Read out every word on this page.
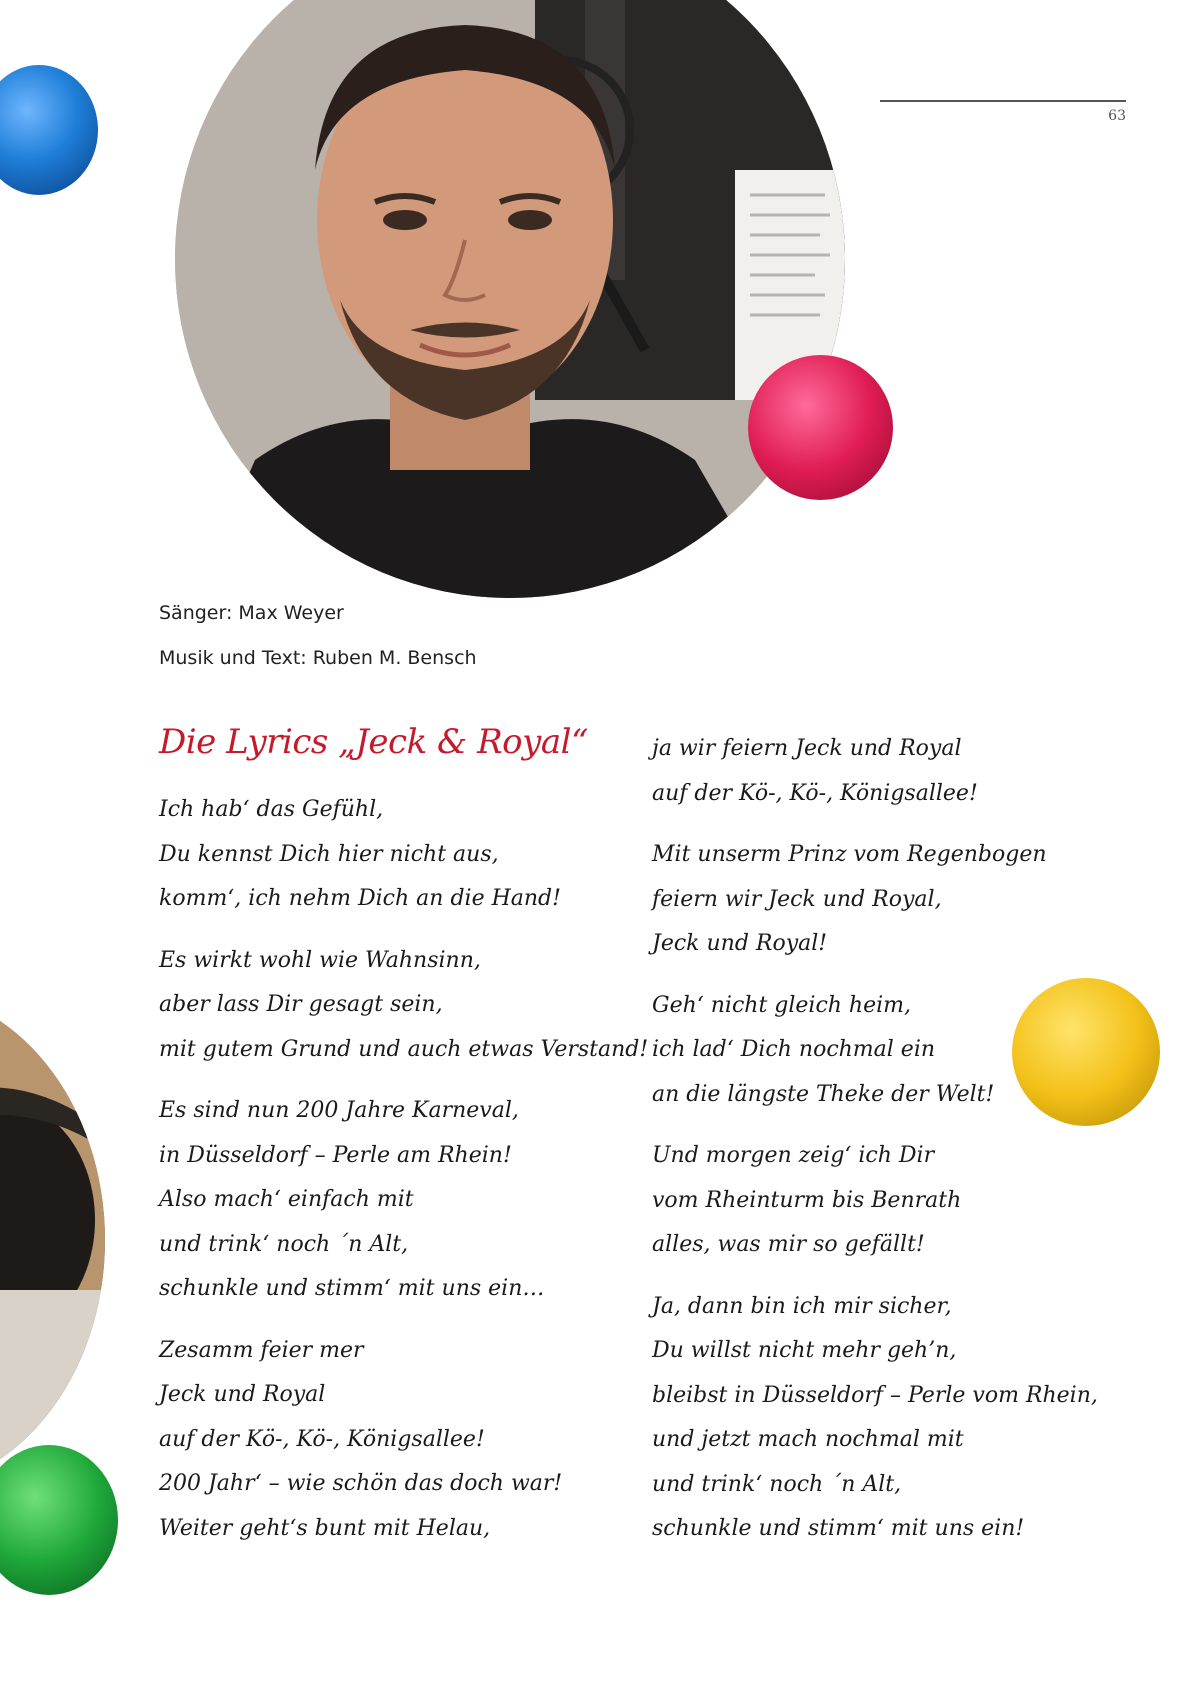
63
Sänger: Max Weyer
Musik und Text: Ruben M. Bensch
Die Lyrics „Jeck & Royal“

Ich hab‘ das Gefühl,
Du kennst Dich hier nicht aus,
komm‘, ich nehm Dich an die Hand!

Es wirkt wohl wie Wahnsinn,
aber lass Dir gesagt sein,
mit gutem Grund und auch etwas Verstand!

Es sind nun 200 Jahre Karneval,
in Düsseldorf – Perle am Rhein!
Also mach‘ einfach mit
und trink‘ noch ´n Alt,
schunkle und stimm‘ mit uns ein…

Zesamm feier mer
Jeck und Royal
auf der Kö-, Kö-, Königsallee!
200 Jahr‘ – wie schön das doch war!
Weiter geht‘s bunt mit Helau,

ja wir feiern Jeck und Royal
auf der Kö-, Kö-, Königsallee!

Mit unserm Prinz vom Regenbogen
feiern wir Jeck und Royal,
Jeck und Royal!

Geh‘ nicht gleich heim,
ich lad‘ Dich nochmal ein
an die längste Theke der Welt!

Und morgen zeig‘ ich Dir
vom Rheinturm bis Benrath
alles, was mir so gefällt!

Ja, dann bin ich mir sicher,
Du willst nicht mehr geh’n,
bleibst in Düsseldorf – Perle vom Rhein,
und jetzt mach nochmal mit
und trink‘ noch ´n Alt,
schunkle und stimm‘ mit uns ein!
